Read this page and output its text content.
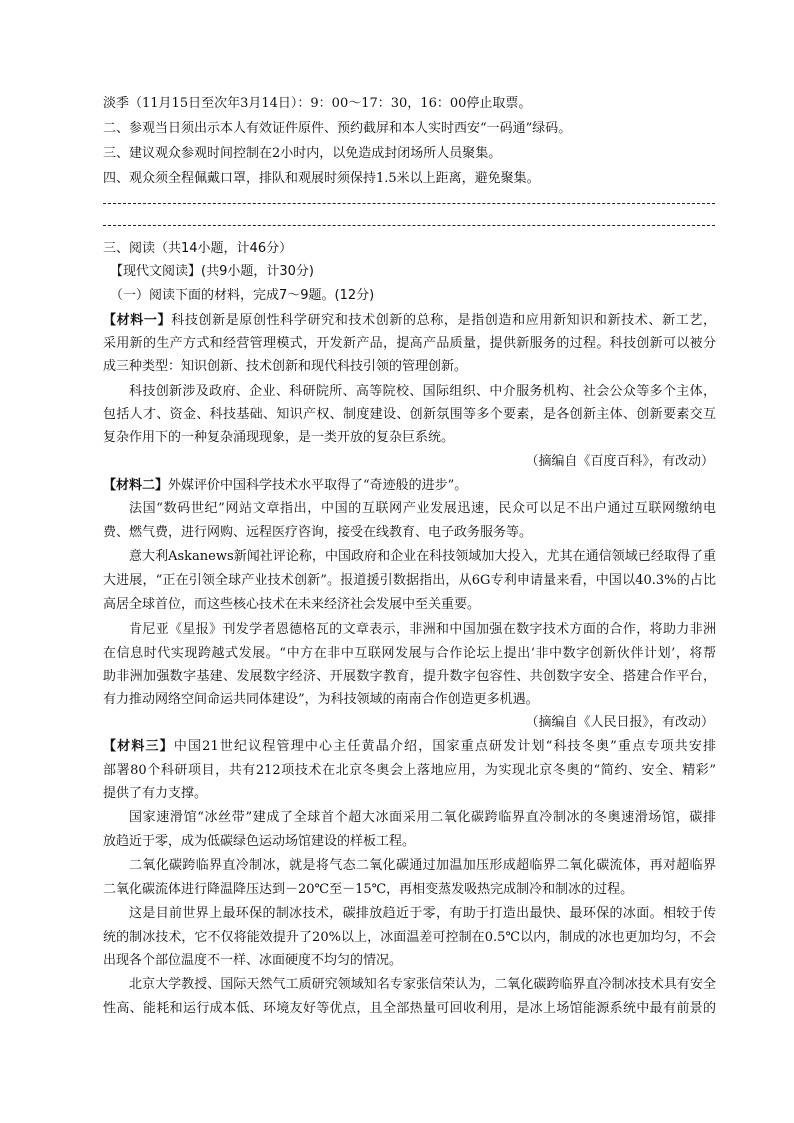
淡季（11月15日至次年3月14日）：9：00～17：30，16：00停止取票。
二、参观当日须出示本人有效证件原件、预约截屏和本人实时西安“一码通”绿码。
三、建议观众参观时间控制在2小时内，以免造成封闭场所人员聚集。
四、观众须全程佩戴口罩，排队和观展时须保持1.5米以上距离，避免聚集。
三、阅读（共14小题，计46分）
【现代文阅读】(共9小题，计30分)
（一）阅读下面的材料，完成7～9题。(12分)
【材料一】科技创新是原创性科学研究和技术创新的总称，是指创造和应用新知识和新技术、新工艺，
采用新的生产方式和经营管理模式，开发新产品，提高产品质量，提供新服务的过程。科技创新可以被分
成三种类型：知识创新、技术创新和现代科技引领的管理创新。
科技创新涉及政府、企业、科研院所、高等院校、国际组织、中介服务机构、社会公众等多个主体，
包括人才、资金、科技基础、知识产权、制度建设、创新氛围等多个要素，是各创新主体、创新要素交互
复杂作用下的一种复杂涌现现象，是一类开放的复杂巨系统。
（摘编自《百度百科》，有改动）
【材料二】外媒评价中国科学技术水平取得了“奇迹般的进步”。
法国“数码世纪”网站文章指出，中国的互联网产业发展迅速，民众可以足不出户通过互联网缴纳电
费、燃气费，进行网购、远程医疗咨询，接受在线教育、电子政务服务等。
意大利Askanews新闻社评论称，中国政府和企业在科技领域加大投入，尤其在通信领域已经取得了重
大进展，“正在引领全球产业技术创新”。报道援引数据指出，从6G专利申请量来看，中国以40.3%的占比
高居全球首位，而这些核心技术在未来经济社会发展中至关重要。
肯尼亚《星报》刊发学者恩德格瓦的文章表示，非洲和中国加强在数字技术方面的合作，将助力非洲
在信息时代实现跨越式发展。“中方在非中互联网发展与合作论坛上提出‘非中数字创新伙伴计划’，将帮
助非洲加强数字基建、发展数字经济、开展数字教育，提升数字包容性、共创数字安全、搭建合作平台，
有力推动网络空间命运共同体建设”，为科技领域的南南合作创造更多机遇。
（摘编自《人民日报》，有改动）
【材料三】中国21世纪议程管理中心主任黄晶介绍，国家重点研发计划“科技冬奥”重点专项共安排
部署80个科研项目，共有212项技术在北京冬奥会上落地应用，为实现北京冬奥的“简约、安全、精彩”
提供了有力支撑。
国家速滑馆“冰丝带”建成了全球首个超大冰面采用二氧化碳跨临界直冷制冰的冬奥速滑场馆，碳排
放趋近于零，成为低碳绿色运动场馆建设的样板工程。
二氧化碳跨临界直冷制冰，就是将气态二氧化碳通过加温加压形成超临界二氧化碳流体，再对超临界
二氧化碳流体进行降温降压达到－20℃至－15℃，再相变蒸发吸热完成制冷和制冰的过程。
这是目前世界上最环保的制冰技术，碳排放趋近于零，有助于打造出最快、最环保的冰面。相较于传
统的制冰技术，它不仅将能效提升了20%以上，冰面温差可控制在0.5℃以内，制成的冰也更加均匀，不会
出现各个部位温度不一样、冰面硬度不均匀的情况。
北京大学教授、国际天然气工质研究领域知名专家张信荣认为，二氧化碳跨临界直冷制冰技术具有安全
性高、能耗和运行成本低、环境友好等优点，且全部热量可回收利用，是冰上场馆能源系统中最有前景的
